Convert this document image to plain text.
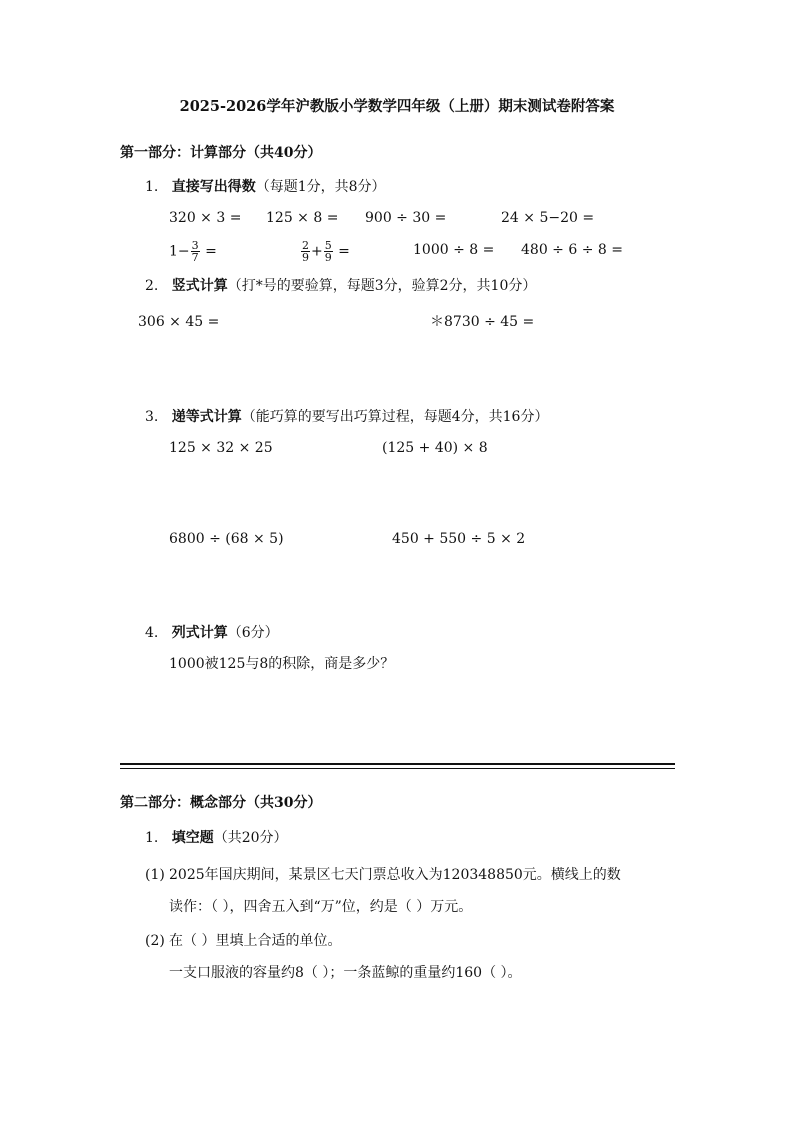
2025-2026学年沪教版小学数学四年级（上册）期末测试卷附答案
第一部分：计算部分（共40分）
1. 直接写出得数（每题1分，共8分）
320 × 3 = 125 × 8 = 900 ÷ 30 =	24 × 5−20 =
$1- \frac{3}{7}$ =	$\frac{2}{9} + \frac{5}{9}$ =	1000 ÷ 8 = 480 ÷ 6 ÷ 8 =
2. 竖式计算（打*号的要验算，每题3分，验算2分，共10分）
306 × 45 =	＊8730 ÷ 45 =
3. 递等式计算（能巧算的要写出巧算过程，每题4分，共16分）
125 × 32 × 25	(125 + 40) × 8
6800 ÷ (68 × 5)	450 + 550 ÷ 5 × 2
4. 列式计算（6分）
1000被125与8的积除，商是多少？
第二部分：概念部分（共30分）
1. 填空题（共20分）
(1) 2025年国庆期间，某景区七天门票总收入为120348850元。横线上的数
读作：（ ），四舍五入到“万”位，约是（ ）万元。
(2) 在（ ）里填上合适的单位。
一支口服液的容量约8（ ）；一条蓝鲸的重量约160（ ）。
